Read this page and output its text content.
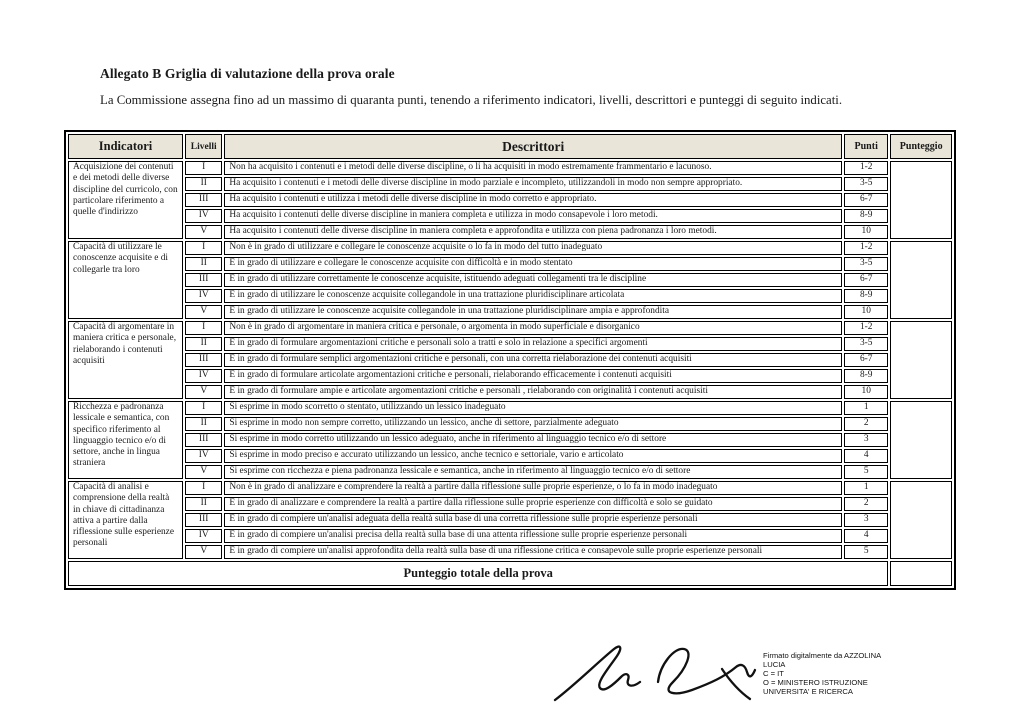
Allegato B Griglia di valutazione della prova orale
La Commissione assegna fino ad un massimo di quaranta punti, tenendo a riferimento indicatori, livelli, descrittori e punteggi di seguito indicati.
Indicatori	Livelli	Descrittori	Punti	Punteggio
Acquisizione dei contenuti e dei metodi delle diverse discipline del curricolo, con particolare riferimento a quelle d'indirizzo	I	Non ha acquisito i contenuti e i metodi delle diverse discipline, o li ha acquisiti in modo estremamente frammentario e lacunoso.	1-2	
	II	Ha acquisito i contenuti e i metodi delle diverse discipline in modo parziale e incompleto, utilizzandoli in modo non sempre appropriato.	3-5	
	III	Ha acquisito i contenuti e utilizza i metodi delle diverse discipline in modo corretto e appropriato.	6-7	
	IV	Ha acquisito i contenuti delle diverse discipline in maniera completa e utilizza in modo consapevole i loro metodi.	8-9	
	V	Ha acquisito i contenuti delle diverse discipline in maniera completa e approfondita e utilizza con piena padronanza i loro metodi.	10	
Capacità di utilizzare le conoscenze acquisite e di collegarle tra loro	I	Non è in grado di utilizzare e collegare le conoscenze acquisite o lo fa in modo del tutto inadeguato	1-2	
	II	È in grado di utilizzare e collegare le conoscenze acquisite con difficoltà e in modo stentato	3-5	
	III	È in grado di utilizzare correttamente le conoscenze acquisite, istituendo adeguati collegamenti tra le discipline	6-7	
	IV	È in grado di utilizzare le conoscenze acquisite collegandole in una trattazione pluridisciplinare articolata	8-9	
	V	È in grado di utilizzare le conoscenze acquisite collegandole in una trattazione pluridisciplinare ampia e approfondita	10	
Capacità di argomentare in maniera critica e personale, rielaborando i contenuti acquisiti	I	Non è in grado di argomentare in maniera critica e personale, o argomenta in modo superficiale e disorganico	1-2	
	II	È in grado di formulare argomentazioni critiche e personali solo a tratti e solo in relazione a specifici argomenti	3-5	
	III	È in grado di formulare semplici argomentazioni critiche e personali, con una corretta rielaborazione dei contenuti acquisiti	6-7	
	IV	È in grado di formulare articolate argomentazioni critiche e personali, rielaborando efficacemente i contenuti acquisiti	8-9	
	V	È in grado di formulare ampie e articolate argomentazioni critiche e personali , rielaborando con originalità i contenuti acquisiti	10	
Ricchezza e padronanza lessicale e semantica, con specifico riferimento al linguaggio tecnico e/o di settore, anche in lingua straniera	I	Si esprime in modo scorretto o stentato, utilizzando un lessico inadeguato	1	
	II	Si esprime in modo non sempre corretto, utilizzando un lessico, anche di settore, parzialmente adeguato	2	
	III	Si esprime in modo corretto utilizzando un lessico adeguato, anche in riferimento al linguaggio tecnico e/o di settore	3	
	IV	Si esprime in modo preciso e accurato utilizzando un lessico, anche tecnico e settoriale, vario e articolato	4	
	V	Si esprime con ricchezza e piena padronanza lessicale e semantica, anche in riferimento al linguaggio tecnico e/o di settore	5	
Capacità di analisi e comprensione della realtà in chiave di cittadinanza attiva a partire dalla riflessione sulle esperienze personali	I	Non è in grado di analizzare e comprendere la realtà a partire dalla riflessione sulle proprie esperienze, o lo fa in modo inadeguato	1	
	II	È in grado di analizzare e comprendere la realtà a partire dalla riflessione sulle proprie esperienze con difficoltà e solo se guidato	2	
	III	È in grado di compiere un'analisi adeguata della realtà sulla base di una corretta riflessione sulle proprie esperienze personali	3	
	IV	È in grado di compiere un'analisi precisa della realtà sulla base di una attenta riflessione sulle proprie esperienze personali	4	
	V	È in grado di compiere un'analisi approfondita della realtà sulla base di una riflessione critica e consapevole sulle proprie esperienze personali	5	
Punteggio totale della prova				
Firmato digitalmente da AZZOLINA
LUCIA
C = IT
O = MINISTERO ISTRUZIONE
UNIVERSITA' E RICERCA
